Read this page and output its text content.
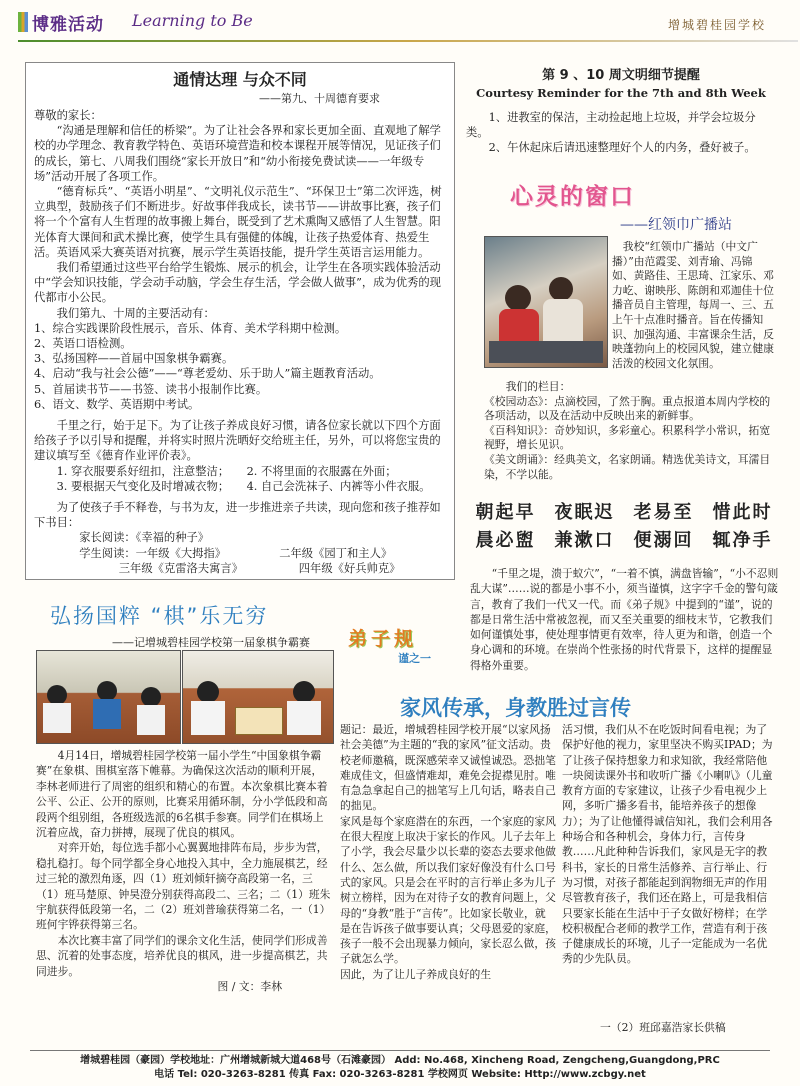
博雅活动 Learning to Be	增城碧桂园学校
通情达理 与众不同
——第九、十周德育要求
尊敬的家长：
“沟通是理解和信任的桥梁”。为了让社会各界和家长更加全面、直观地了解学校的办学理念、教育教学特色、英语环境营造和校本课程开展等情况，见证孩子们的成长，第七、八周我们围绕“家长开放日”和“幼小衔接免费试读——一年级专场”活动开展了各项工作。
“德育标兵”、“英语小明星”、“文明礼仪示范生”、“环保卫士”第二次评选，树立典型，鼓励孩子们不断进步。好故事伴我成长，读书节——讲故事比赛，孩子们将一个个富有人生哲理的故事搬上舞台，既受到了艺术熏陶又感悟了人生智慧。阳光体育大课间和武术操比赛，使学生具有强健的体魄，让孩子热爱体育、热爱生活。英语风采大赛英语对抗赛，展示学生英语技能，提升学生英语言运用能力。
我们希望通过这些平台给学生锻炼、展示的机会，让学生在各项实践体验活动中“学会知识技能，学会动手动脑，学会生存生活，学会做人做事”，成为优秀的现代都市小公民。
我们第九、十周的主要活动有：
1、综合实践课阶段性展示，音乐、体育、美术学科期中检测。
2、英语口语检测。
3、弘扬国粹——首届中国象棋争霸赛。
4、启动“我与社会公德”——“尊老爱幼、乐于助人”篇主题教育活动。
5、首届读书节——书签、读书小报制作比赛。
6、语文、数学、英语期中考试。
千里之行，始于足下。为了让孩子养成良好习惯，请各位家长就以下四个方面给孩子予以引导和提醒，并将实时照片洗晒好交给班主任，另外，可以将您宝贵的建议填写至《德育作业评价表》。
1. 穿衣服要系好纽扣，注意整洁；	2. 不将里面的衣服露在外面；
3. 要根据天气变化及时增减衣物；	4. 自己会洗袜子、内裤等小件衣服。
为了使孩子手不释卷，与书为友，进一步推进亲子共读，现向您和孩子推荐如下书目：
家长阅读：《幸福的种子》
学生阅读：一年级《大拇指》	二年级《园丁和主人》
三年级《克雷洛夫寓言》	四年级《好兵帅克》
第 9 、10 周文明细节提醒
Courtesy Reminder for the 7th and 8th Week
1、进教室的保洁，主动捡起地上垃圾，并学会垃圾分类。
2、午休起床后请迅速整理好个人的内务，叠好被子。
心灵的窗口
——红领巾广播站
我校“红领巾广播站（中文广播）”由范霞雯、刘青瑜、冯锦如、黄路佳、王思琦、江家乐、邓力屹、谢映彤、陈朗和邓迦佳十位播音员自主管理，每周一、三、五上午十点准时播音。旨在传播知识、加强沟通、丰富课余生活，反映蓬勃向上的校园风貌，建立健康活泼的校园文化氛围。
我们的栏目：
《校园动态》：点滴校园，了然于胸。重点报道本周内学校的各项活动，以及在活动中反映出来的新鲜事。
《百科知识》：奇妙知识，多彩童心。积累科学小常识，拓宽视野，增长见识。
《美文朗诵》：经典美文，名家朗诵。精选优美诗文，耳濡目染，不学以能。
朝起早 夜眠迟 老易至 惜此时
晨必盥 兼漱口 便溺回 辄净手
弟子规
谨之一
“千里之堤，溃于蚁穴”，“一着不慎，满盘皆输”，“小不忍则乱大谋”……说的都是小事不小，须当谨慎，这字字千金的警句箴言，教育了我们一代又一代。而《弟子规》中提到的“谨”，说的都是日常生活中常被忽视，而又至关重要的细枝末节，它教我们如何谨慎处事，使处理事情更有效率，待人更为和谐，创造一个身心调和的环境。在崇尚个性张扬的时代背景下，这样的提醒显得格外重要。
弘扬国粹 “棋”乐无穷
——记增城碧桂园学校第一届象棋争霸赛
4月14日，增城碧桂园学校第一届小学生“中国象棋争霸赛”在象棋、围棋室落下帷幕。为确保这次活动的顺利开展，李林老师进行了周密的组织和精心的布置。本次象棋比赛本着公平、公正、公开的原则，比赛采用循环制，分小学低段和高段两个组别组，各班级选派的6名棋手参赛。同学们在棋场上沉着应战，奋力拼搏，展现了优良的棋风。
对弈开始，每位选手都小心翼翼地排阵布局，步步为营，稳扎稳打。每个同学都全身心地投入其中，全力施展棋艺，经过三轮的激烈角逐，四（1）班刘倾轩摘夺高段第一名，三（1）班马楚原、钟昊澄分别获得高段二、三名；二（1）班朱宇航获得低段第一名，二（2）班刘普瑜获得第二名，一（1）班何宇铧获得第三名。
本次比赛丰富了同学们的课余文化生活，使同学们形成善思、沉着的处事态度，培养优良的棋风，进一步提高棋艺，共同进步。
图 / 文：李林
家风传承，身教胜过言传
题记：最近，增城碧桂园学校开展“以家风扬社会美德”为主题的“我的家风”征文活动。贵校老师邀稿，既深感荣幸又诚惶诚恐。恐拙笔难成佳文，但盛情难却，难免会捉襟见肘。唯有急急拿起自己的拙笔写上几句话，略表自己的拙见。
家风是每个家庭潜在的东西，一个家庭的家风在很大程度上取决于家长的作风。儿子去年上了小学，我会尽量少以长辈的姿态去要求他做什么、怎么做，所以我们家好像没有什么口号式的家风。只是会在平时的言行举止多为儿子树立榜样，因为在对待子女的教育问题上，父母的“身教”胜于“言传”。比如家长敬业，就是在告诉孩子做事要认真；父母恩爱的家庭，孩子一般不会出现暴力倾向，家长忍么做，孩子就怎么学。
因此，为了让儿子养成良好的生
活习惯，我们从不在吃饭时间看电视；为了保护好他的视力，家里坚决不购买IPAD；为了让孩子保持想象力和求知欲，我经常陪他一块阅读课外书和收听广播《小喇叭》（儿童教育方面的专家建议，让孩子少看电视少上网，多听广播多看书，能培养孩子的想像力）；为了让他懂得诚信知礼，我们会利用各种场合和各种机会，身体力行，言传身教……凡此种种告诉我们，家风是无字的教科书，家长的日常生活修养、言行举止、行为习惯，对孩子都能起到润物细无声的作用
尽管教育孩子，我们还在路上，可是我相信只要家长能在生活中于子女做好榜样；在学校积极配合老师的教学工作，营造有利于孩子健康成长的环境，儿子一定能成为一名优秀的少先队员。
一（2）班邱嘉浩家长供稿
增城碧桂园（豪园）学校地址：广州增城新城大道468号（石滩豪园） Add: No.468, Xincheng Road, Zengcheng,Guangdong,PRC
电话 Tel: 020-3263-8281 传真 Fax: 020-3263-8281 学校网页 Website: Http://www.zcbgy.net
